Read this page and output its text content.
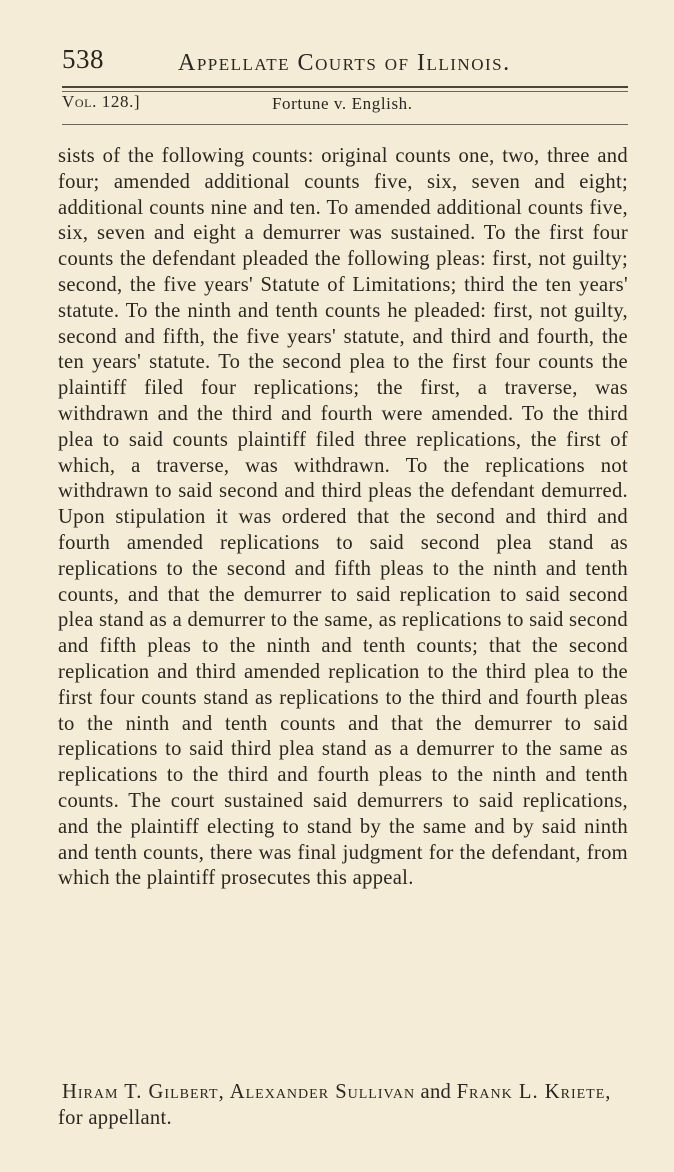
538	Appellate Courts of Illinois.
Vol. 128.]	Fortune v. English.

sists of the following counts: original counts one, two, three and four; amended additional counts five, six, seven and eight; additional counts nine and ten. To amended additional counts five, six, seven and eight a demurrer was sustained. To the first four counts the defendant pleaded the following pleas: first, not guilty; second, the five years' Statute of Limitations; third the ten years' statute. To the ninth and tenth counts he pleaded: first, not guilty, second and fifth, the five years' statute, and third and fourth, the ten years' statute. To the second plea to the first four counts the plaintiff filed four replications; the first, a traverse, was withdrawn and the third and fourth were amended. To the third plea to said counts plaintiff filed three replications, the first of which, a traverse, was withdrawn. To the replications not withdrawn to said second and third pleas the defendant demurred. Upon stipulation it was ordered that the second and third and fourth amended replications to said second plea stand as replications to the second and fifth pleas to the ninth and tenth counts, and that the demurrer to said replication to said second plea stand as a demurrer to the same, as replications to said second and fifth pleas to the ninth and tenth counts; that the second replication and third amended replication to the third plea to the first four counts stand as replications to the third and fourth pleas to the ninth and tenth counts and that the demurrer to said replications to said third plea stand as a demurrer to the same as replications to the third and fourth pleas to the ninth and tenth counts. The court sustained said demurrers to said replications, and the plaintiff electing to stand by the same and by said ninth and tenth counts, there was final judgment for the defendant, from which the plaintiff prosecutes this appeal.

Hiram T. Gilbert, Alexander Sullivan and Frank L. Kriete, for appellant.
